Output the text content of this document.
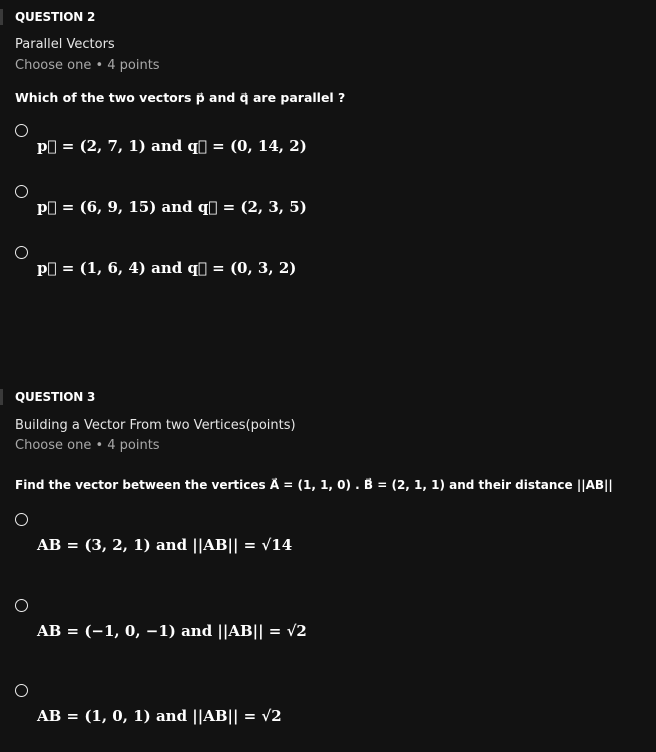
QUESTION 2
Parallel Vectors
Choose one • 4 points
Which of the two vectors p⃗ and q⃗ are parallel ?
p⃗ = (2, 7, 1) and q⃗ = (0, 14, 2)
p⃗ = (6, 9, 15) and q⃗ = (2, 3, 5)
p⃗ = (1, 6, 4) and q⃗ = (0, 3, 2)
QUESTION 3
Building a Vector From two Vertices(points)
Choose one • 4 points
Find the vector between the vertices A⃗ = (1, 1, 0) . B⃗ = (2, 1, 1) and their distance ||AB||
AB = (3, 2, 1) and ||AB|| = √14
AB = (−1, 0, −1) and ||AB|| = √2
AB = (1, 0, 1) and ||AB|| = √2
